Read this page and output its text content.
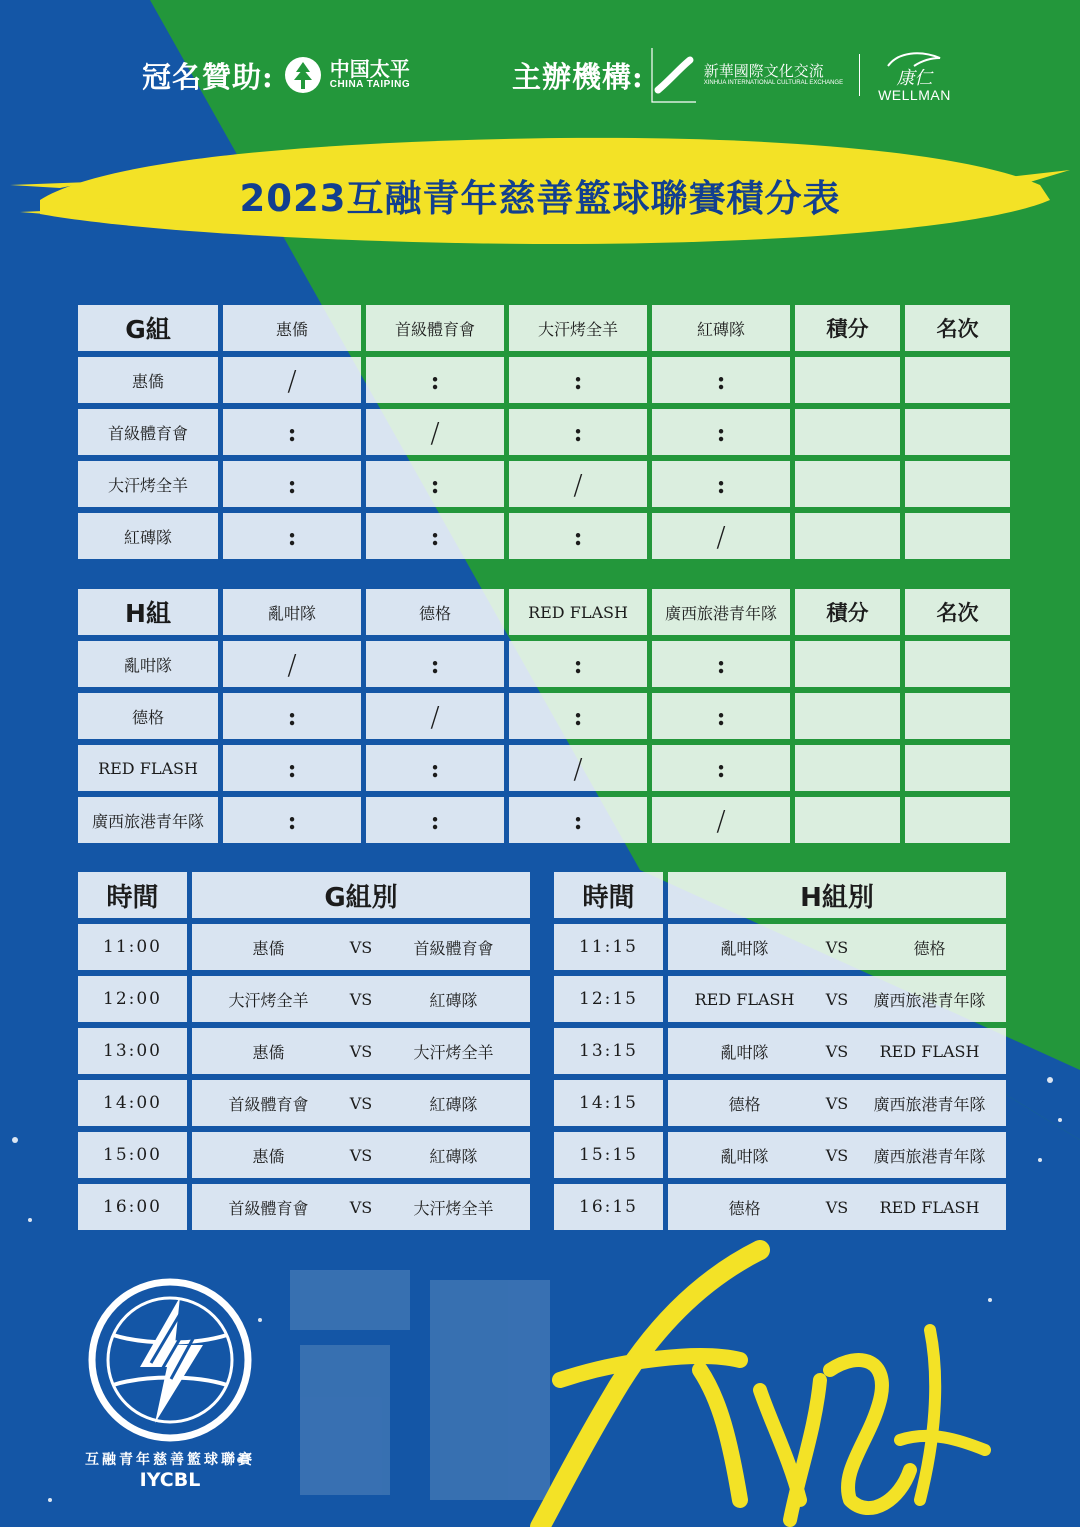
冠名贊助:	中国太平
CHINA TAIPING	主辦機構:	新華國際文化交流
XINHUA INTERNATIONAL CULTURAL EXCHANGE	康仁
WELLMAN
2023互融青年慈善籃球聯賽積分表
G組	惠僑	首級體育會	大汗烤全羊	紅磚隊	積分	名次
惠僑	/	:	:	:
首級體育會	:	/	:	:
大汗烤全羊	:	:	/	:
紅磚隊	:	:	:	/
H組	亂咁隊	德格	RED FLASH	廣西旅港青年隊	積分	名次
亂咁隊	/	:	:	:
德格	:	/	:	:
RED FLASH	:	:	/	:
廣西旅港青年隊	:	:	:	/
時間	G組別
11:00	惠僑	VS	首級體育會
12:00	大汗烤全羊	VS	紅磚隊
13:00	惠僑	VS	大汗烤全羊
14:00	首級體育會	VS	紅磚隊
15:00	惠僑	VS	紅磚隊
16:00	首級體育會	VS	大汗烤全羊
時間	H組別
11:15	亂咁隊	VS	德格
12:15	RED FLASH	VS	廣西旅港青年隊
13:15	亂咁隊	VS	RED FLASH
14:15	德格	VS	廣西旅港青年隊
15:15	亂咁隊	VS	廣西旅港青年隊
16:15	德格	VS	RED FLASH
互融青年慈善籃球聯賽
IYCBL
